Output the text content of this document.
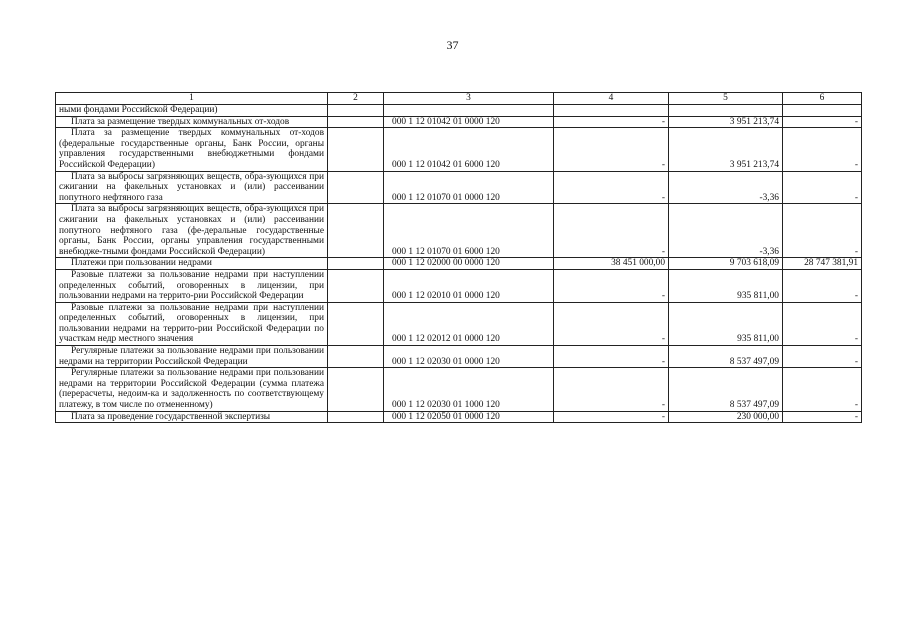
37
1	2	3	4	5	6
ными фондами Российской Федерации)					
Плата за размещение твердых коммунальных от-ходов		000 1 12 01042 01 0000 120	-	3 951 213,74	-
Плата за размещение твердых коммунальных от-ходов (федеральные государственные органы, Банк России, органы управления государственными внебюджетными фондами Российской Федерации)		000 1 12 01042 01 6000 120	-	3 951 213,74	-
Плата за выбросы загрязняющих веществ, обра-зующихся при сжигании на факельных установках и (или) рассеивании попутного нефтяного газа		000 1 12 01070 01 0000 120	-	-3,36	-
Плата за выбросы загрязняющих веществ, обра-зующихся при сжигании на факельных установках и (или) рассеивании попутного нефтяного газа (фе-деральные государственные органы, Банк России, органы управления государственными внебюдже-тными фондами Российской Федерации)		000 1 12 01070 01 6000 120	-	-3,36	-
Платежи при пользовании недрами		000 1 12 02000 00 0000 120	38 451 000,00	9 703 618,09	28 747 381,91
Разовые платежи за пользование недрами при наступлении определенных событий, оговоренных в лицензии, при пользовании недрами на террито-рии Российской Федерации		000 1 12 02010 01 0000 120	-	935 811,00	-
Разовые платежи за пользование недрами при наступлении определенных событий, оговоренных в лицензии, при пользовании недрами на террито-рии Российской Федерации по участкам недр местного значения		000 1 12 02012 01 0000 120	-	935 811,00	-
Регулярные платежи за пользование недрами при пользовании недрами на территории Российской Федерации		000 1 12 02030 01 0000 120	-	8 537 497,09	-
Регулярные платежи за пользование недрами при пользовании недрами на территории Российской Федерации (сумма платежа (перерасчеты, недоим-ка и задолженность по соответствующему платежу, в том числе по отмененному)		000 1 12 02030 01 1000 120	-	8 537 497,09	-
Плата за проведение государственной экспертизы		000 1 12 02050 01 0000 120	-	230 000,00	-
